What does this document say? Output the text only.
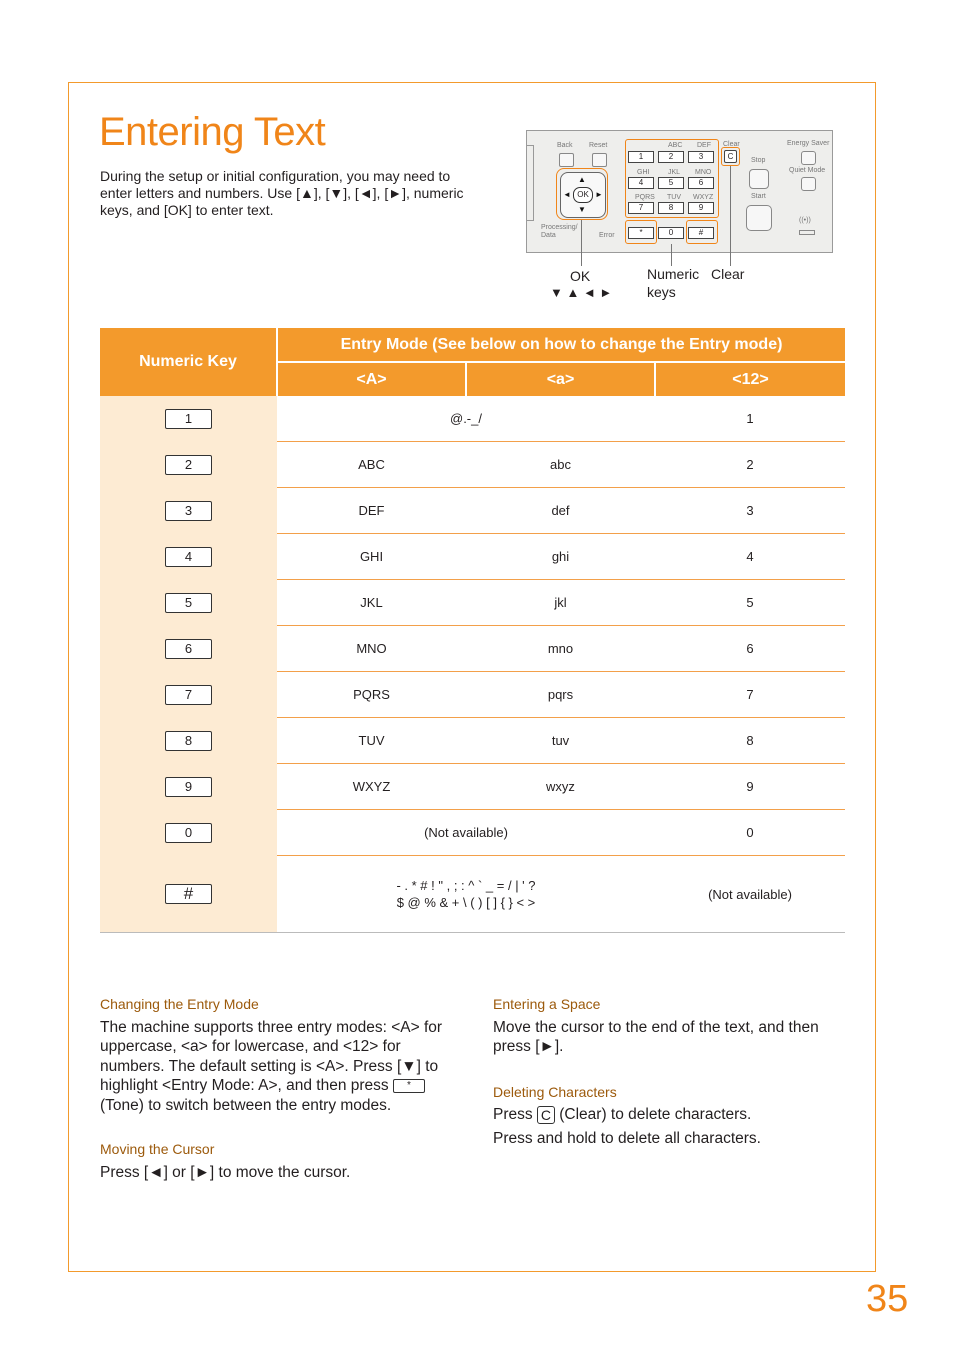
Entering Text

During the setup or initial configuration, you may need to enter letters and numbers. Use [▲], [▼], [◄], [►], numeric keys, and [OK] to enter text.

Back Reset	ABC DEF Clear	Energy Saver
Stop
Quiet Mode
Start
((•))
Processing/
Data	Error
GHI	JKL MNO
PQRS TUV WXYZ
1	2	3
4	5	6
7	8	9
*	0	#
C
▲
▼
◄	►
OK
OK
▼ ▲ ◄ ►
Numeric
keys
Clear
Numeric Key	Entry Mode (See below on how to change the Entry mode)		
	<A>	<a>	<12>
1	@.-_/		1
2	ABC	abc	2
3	DEF	def	3
4	GHI	ghi	4
5	JKL	jkl	5
6	MNO	mno	6
7	PQRS	pqrs	7
8	TUV	tuv	8
9	WXYZ	wxyz	9
0	(Not available)		0
#	- . * # ! " , ; : ^ ` _ = / | ' ?
$ @ % & + \ ( ) [ ] { } < >		(Not available)

Changing the Entry Mode

The machine supports three entry modes: <A> for uppercase, <a> for lowercase, and <12> for numbers. The default setting is <A>. Press [▼] to highlight <Entry Mode: A>, and then press * (Tone) to switch between the entry modes.

Moving the Cursor

Press [◄] or [►] to move the cursor.

Entering a Space

Move the cursor to the end of the text, and then press [►].

Deleting Characters

Press C (Clear) to delete characters.

Press and hold to delete all characters.

35
